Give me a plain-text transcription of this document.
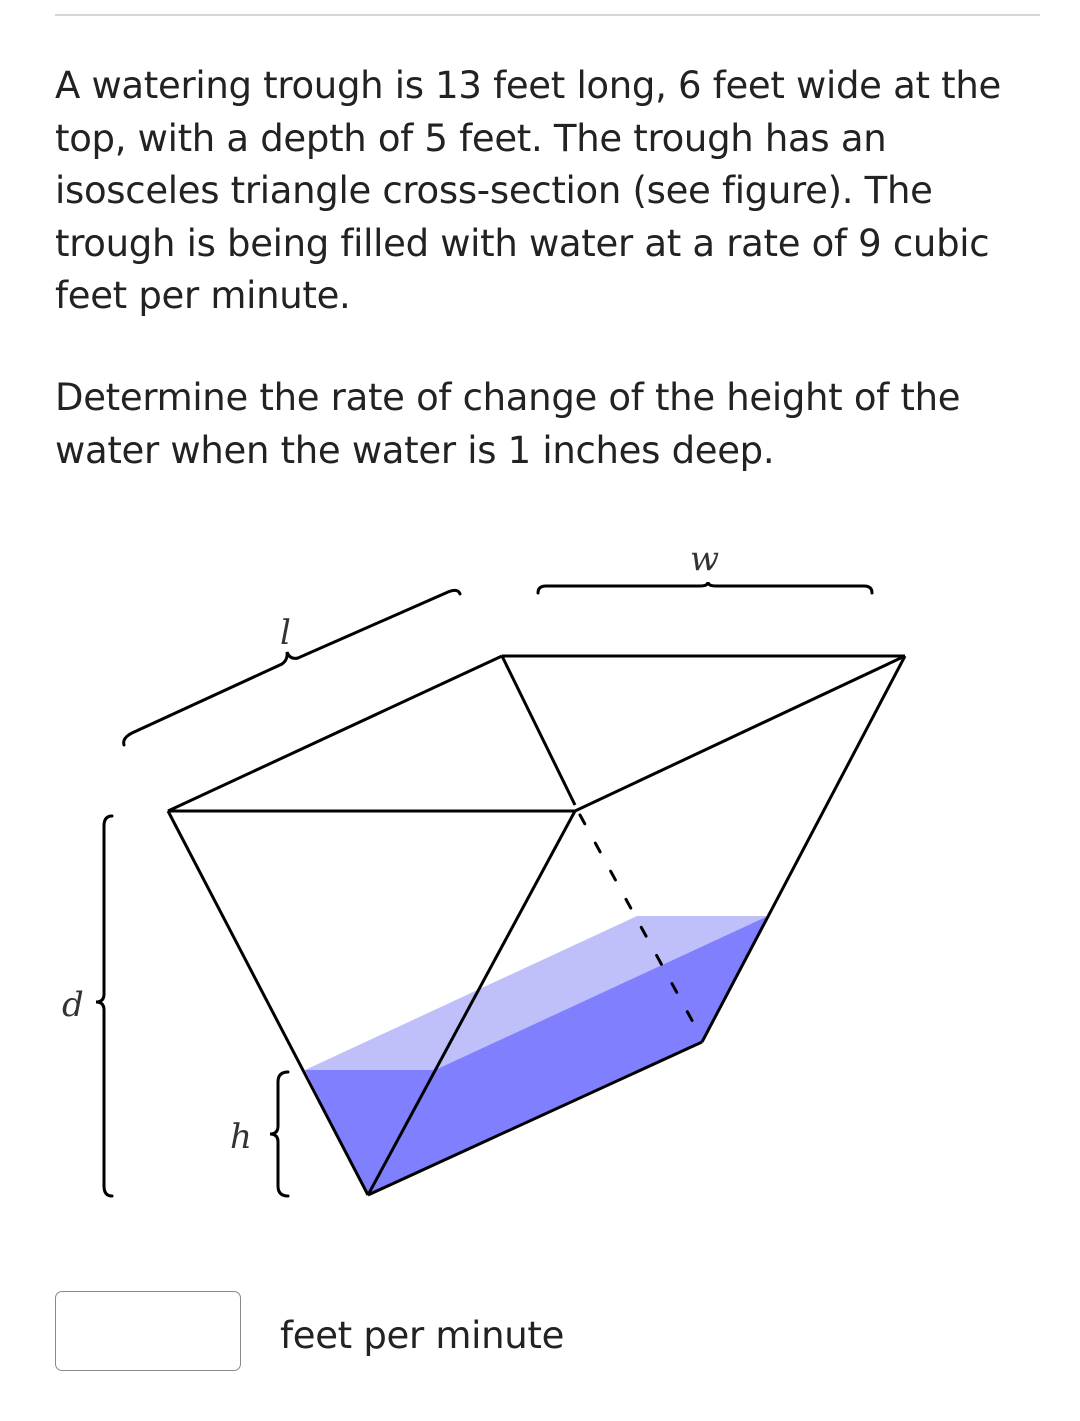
A watering trough is 13 feet long, 6 feet wide at the top, with a depth of 5 feet. The trough has an isosceles triangle cross-section (see figure). The trough is being filled with water at a rate of 9 cubic feet per minute.

Determine the rate of change of the height of the water when the water is 1 inches deep.

l
w
d
h
feet per minute
